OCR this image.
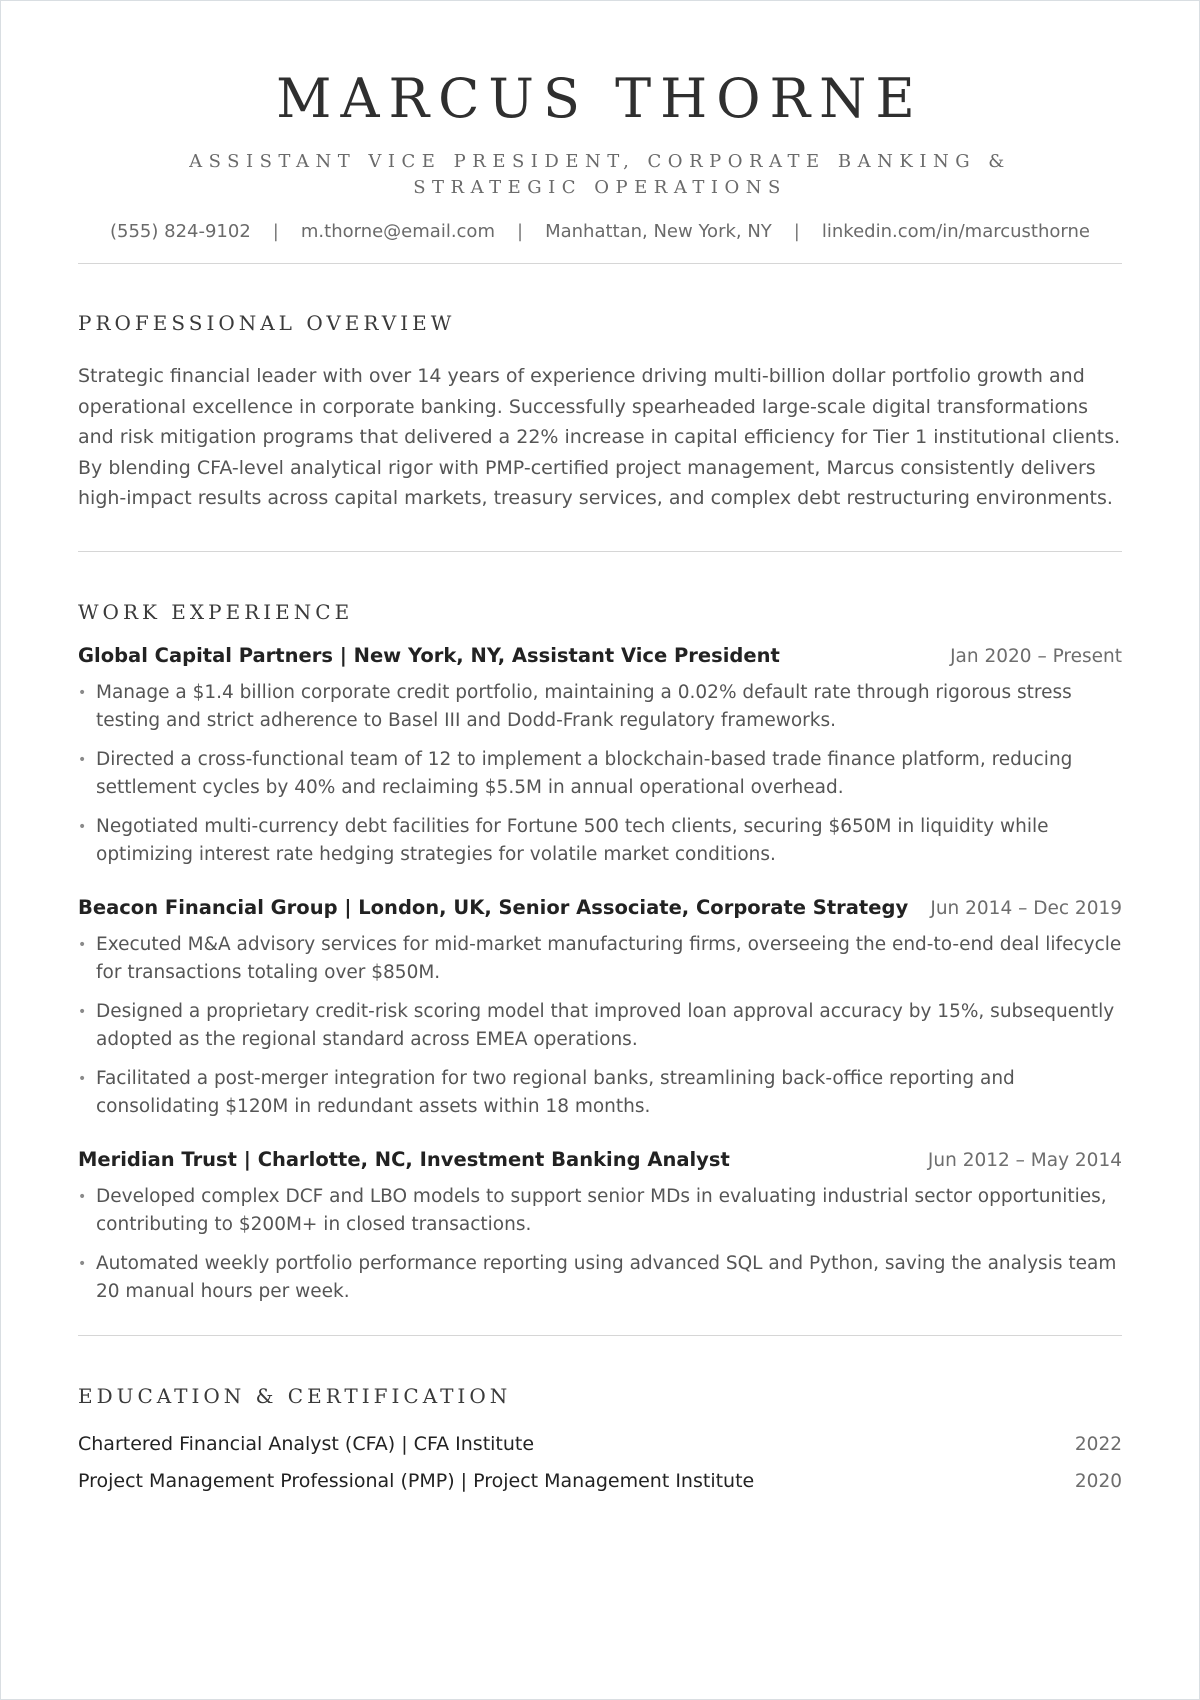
MARCUS THORNE
ASSISTANT VICE PRESIDENT, CORPORATE BANKING & STRATEGIC OPERATIONS
(555) 824-9102 | m.thorne@email.com | Manhattan, New York, NY | linkedin.com/in/marcusthorne
PROFESSIONAL OVERVIEW

Strategic financial leader with over 14 years of experience driving multi-billion dollar portfolio growth and operational excellence in corporate banking. Successfully spearheaded large-scale digital transformations and risk mitigation programs that delivered a 22% increase in capital efficiency for Tier 1 institutional clients. By blending CFA-level analytical rigor with PMP-certified project management, Marcus consistently delivers high-impact results across capital markets, treasury services, and complex debt restructuring environments.

WORK EXPERIENCE
Global Capital Partners | New York, NY, Assistant Vice President	Jan 2020 – Present
• Manage a $1.4 billion corporate credit portfolio, maintaining a 0.02% default rate through rigorous stress testing and strict adherence to Basel III and Dodd-Frank regulatory frameworks.
• Directed a cross-functional team of 12 to implement a blockchain-based trade finance platform, reducing settlement cycles by 40% and reclaiming $5.5M in annual operational overhead.
• Negotiated multi-currency debt facilities for Fortune 500 tech clients, securing $650M in liquidity while optimizing interest rate hedging strategies for volatile market conditions.
Beacon Financial Group | London, UK, Senior Associate, Corporate Strategy Jun 2014 – Dec 2019
• Executed M&A advisory services for mid-market manufacturing firms, overseeing the end-to-end deal lifecycle for transactions totaling over $850M.
• Designed a proprietary credit-risk scoring model that improved loan approval accuracy by 15%, subsequently adopted as the regional standard across EMEA operations.
• Facilitated a post-merger integration for two regional banks, streamlining back-office reporting and consolidating $120M in redundant assets within 18 months.
Meridian Trust | Charlotte, NC, Investment Banking Analyst	Jun 2012 – May 2014
• Developed complex DCF and LBO models to support senior MDs in evaluating industrial sector opportunities, contributing to $200M+ in closed transactions.
• Automated weekly portfolio performance reporting using advanced SQL and Python, saving the analysis team 20 manual hours per week.
EDUCATION & CERTIFICATION
Chartered Financial Analyst (CFA) | CFA Institute	2022
Project Management Professional (PMP) | Project Management Institute	2020
